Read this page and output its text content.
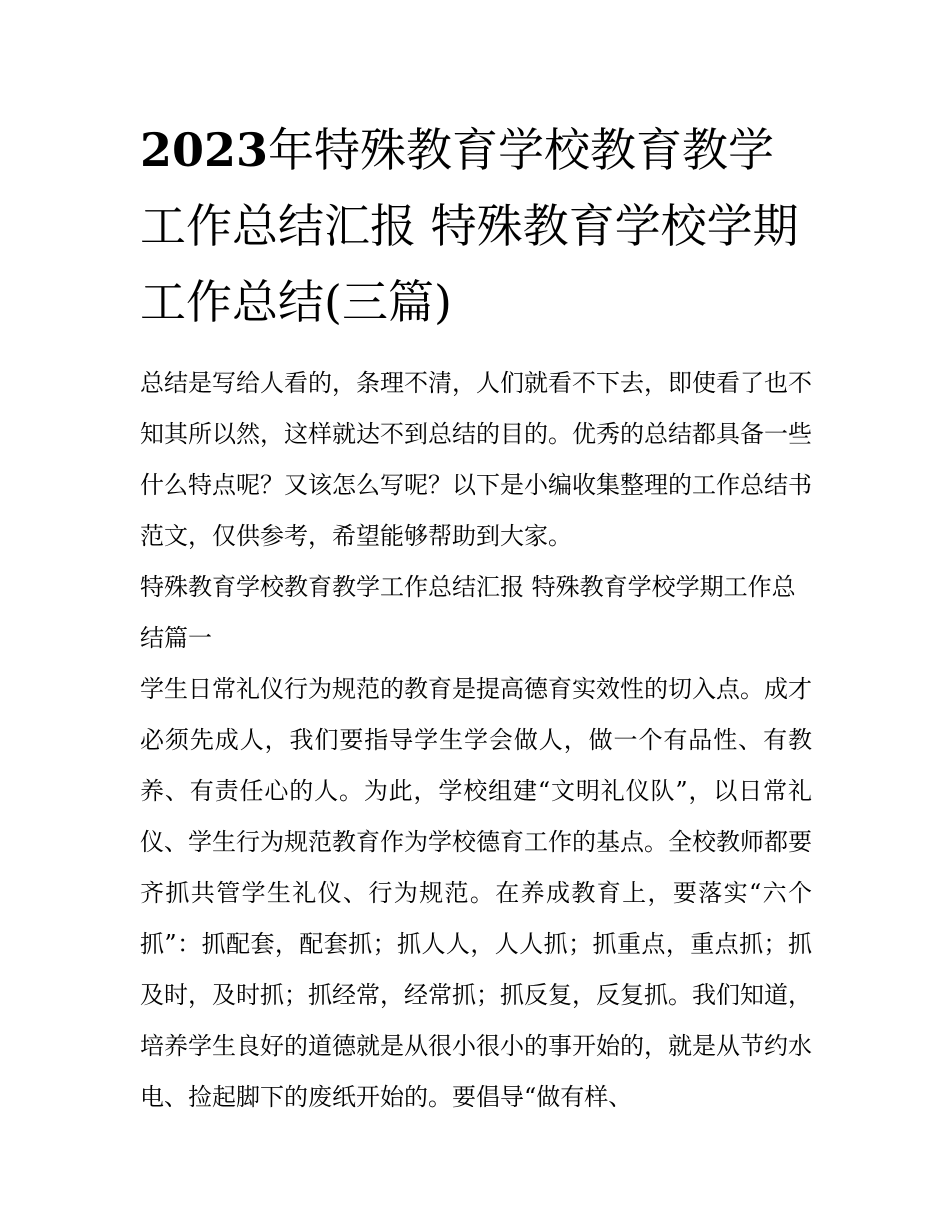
2023年特殊教育学校教育教学工作总结汇报 特殊教育学校学期工作总结(三篇)

总结是写给人看的，条理不清，人们就看不下去，即使看了也不知其所以然，这样就达不到总结的目的。优秀的总结都具备一些什么特点呢？又该怎么写呢？以下是小编收集整理的工作总结书范文，仅供参考，希望能够帮助到大家。

特殊教育学校教育教学工作总结汇报 特殊教育学校学期工作总结篇一

学生日常礼仪行为规范的教育是提高德育实效性的切入点。成才必须先成人，我们要指导学生学会做人，做一个有品性、有教养、有责任心的人。为此，学校组建“文明礼仪队”，以日常礼仪、学生行为规范教育作为学校德育工作的基点。全校教师都要齐抓共管学生礼仪、行为规范。在养成教育上，要落实“六个抓”：抓配套，配套抓；抓人人，人人抓；抓重点，重点抓；抓及时，及时抓；抓经常，经常抓；抓反复，反复抓。我们知道，培养学生良好的道德就是从很小很小的事开始的，就是从节约水电、捡起脚下的废纸开始的。要倡导“做有样、
